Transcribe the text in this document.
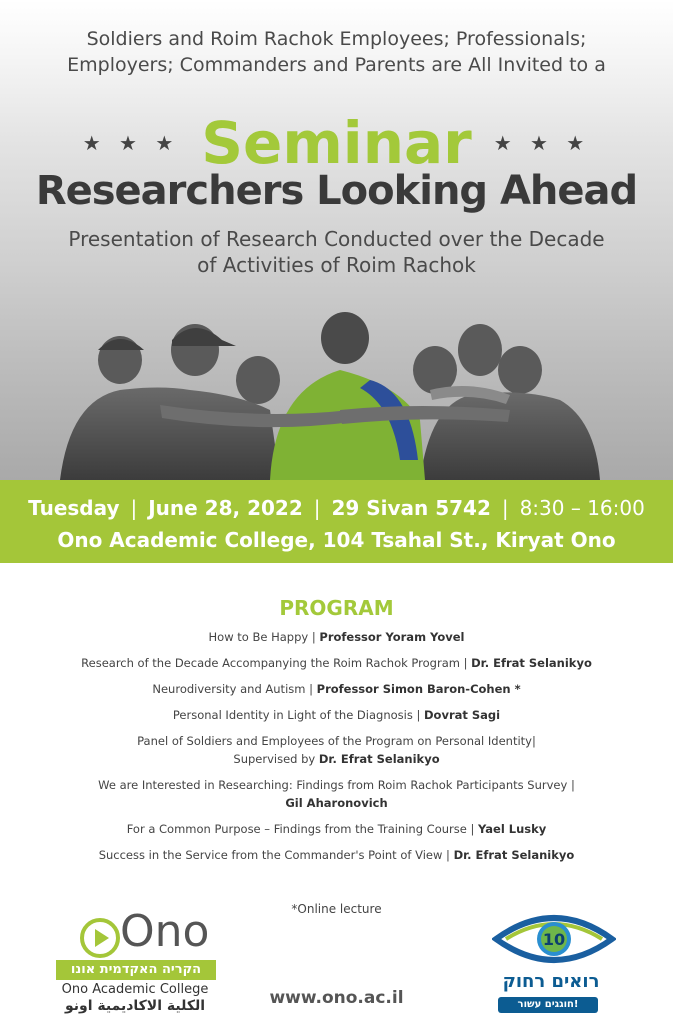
Soldiers and Roim Rachok Employees; Professionals;
Employers; Commanders and Parents are All Invited to a
★ ★ ★ Seminar ★ ★ ★
Researchers Looking Ahead
Presentation of Research Conducted over the Decade
of Activities of Roim Rachok
Tuesday | June 28, 2022 | 29 Sivan 5742 | 8:30 – 16:00
Ono Academic College, 104 Tsahal St., Kiryat Ono
PROGRAM
How to Be Happy | Professor Yoram Yovel
Research of the Decade Accompanying the Roim Rachok Program | Dr. Efrat Selanikyo
Neurodiversity and Autism | Professor Simon Baron-Cohen *
Personal Identity in Light of the Diagnosis | Dovrat Sagi
Panel of Soldiers and Employees of the Program on Personal Identity|
Supervised by Dr. Efrat Selanikyo
We are Interested in Researching: Findings from Roim Rachok Participants Survey |
Gil Aharonovich
For a Common Purpose – Findings from the Training Course | Yael Lusky
Success in the Service from the Commander's Point of View | Dr. Efrat Selanikyo
*Online lecture
Ono
הקריה האקדמית אונו
Ono Academic College
الكلية الاكاديمية اونو	www.ono.ac.il
10
רואים רחוק
חוגגים עשור!
